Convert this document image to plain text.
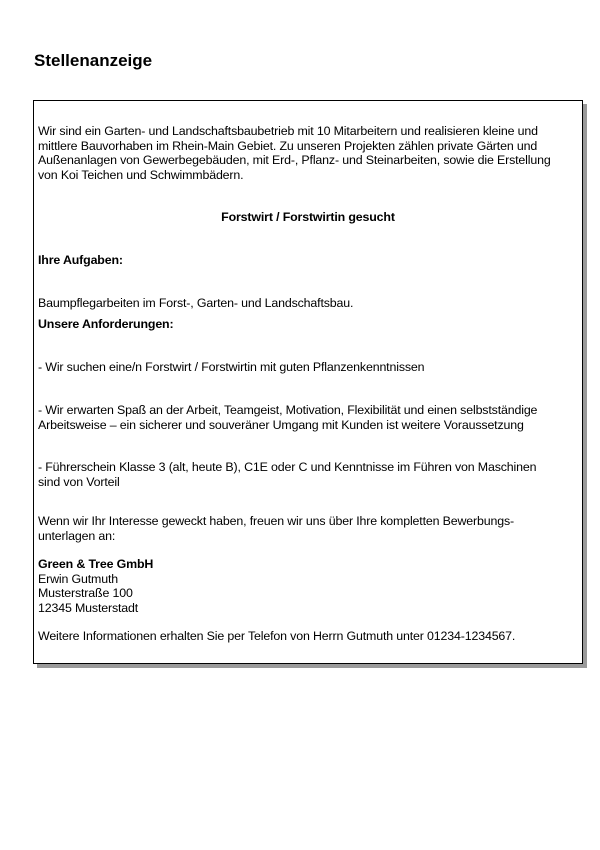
Stellenanzeige

Wir sind ein Garten- und Landschaftsbaubetrieb mit 10 Mitarbeitern und realisieren kleine und

mittlere Bauvorhaben im Rhein-Main Gebiet. Zu unseren Projekten zählen private Gärten und

Außenanlagen von Gewerbegebäuden, mit Erd-, Pflanz- und Steinarbeiten, sowie die Erstellung

von Koi Teichen und Schwimmbädern.

Forstwirt / Forstwirtin gesucht

Ihre Aufgaben:

Baumpflegarbeiten im Forst-, Garten- und Landschaftsbau.

Unsere Anforderungen:

- Wir suchen eine/n Forstwirt / Forstwirtin mit guten Pflanzenkenntnissen

- Wir erwarten Spaß an der Arbeit, Teamgeist, Motivation, Flexibilität und einen selbstständige

Arbeitsweise – ein sicherer und souveräner Umgang mit Kunden ist weitere Voraussetzung

- Führerschein Klasse 3 (alt, heute B), C1E oder C und Kenntnisse im Führen von Maschinen

sind von Vorteil

Wenn wir Ihr Interesse geweckt haben, freuen wir uns über Ihre kompletten Bewerbungs-

unterlagen an:

Green & Tree GmbH

Erwin Gutmuth

Musterstraße 100

12345 Musterstadt

Weitere Informationen erhalten Sie per Telefon von Herrn Gutmuth unter 01234-1234567.
